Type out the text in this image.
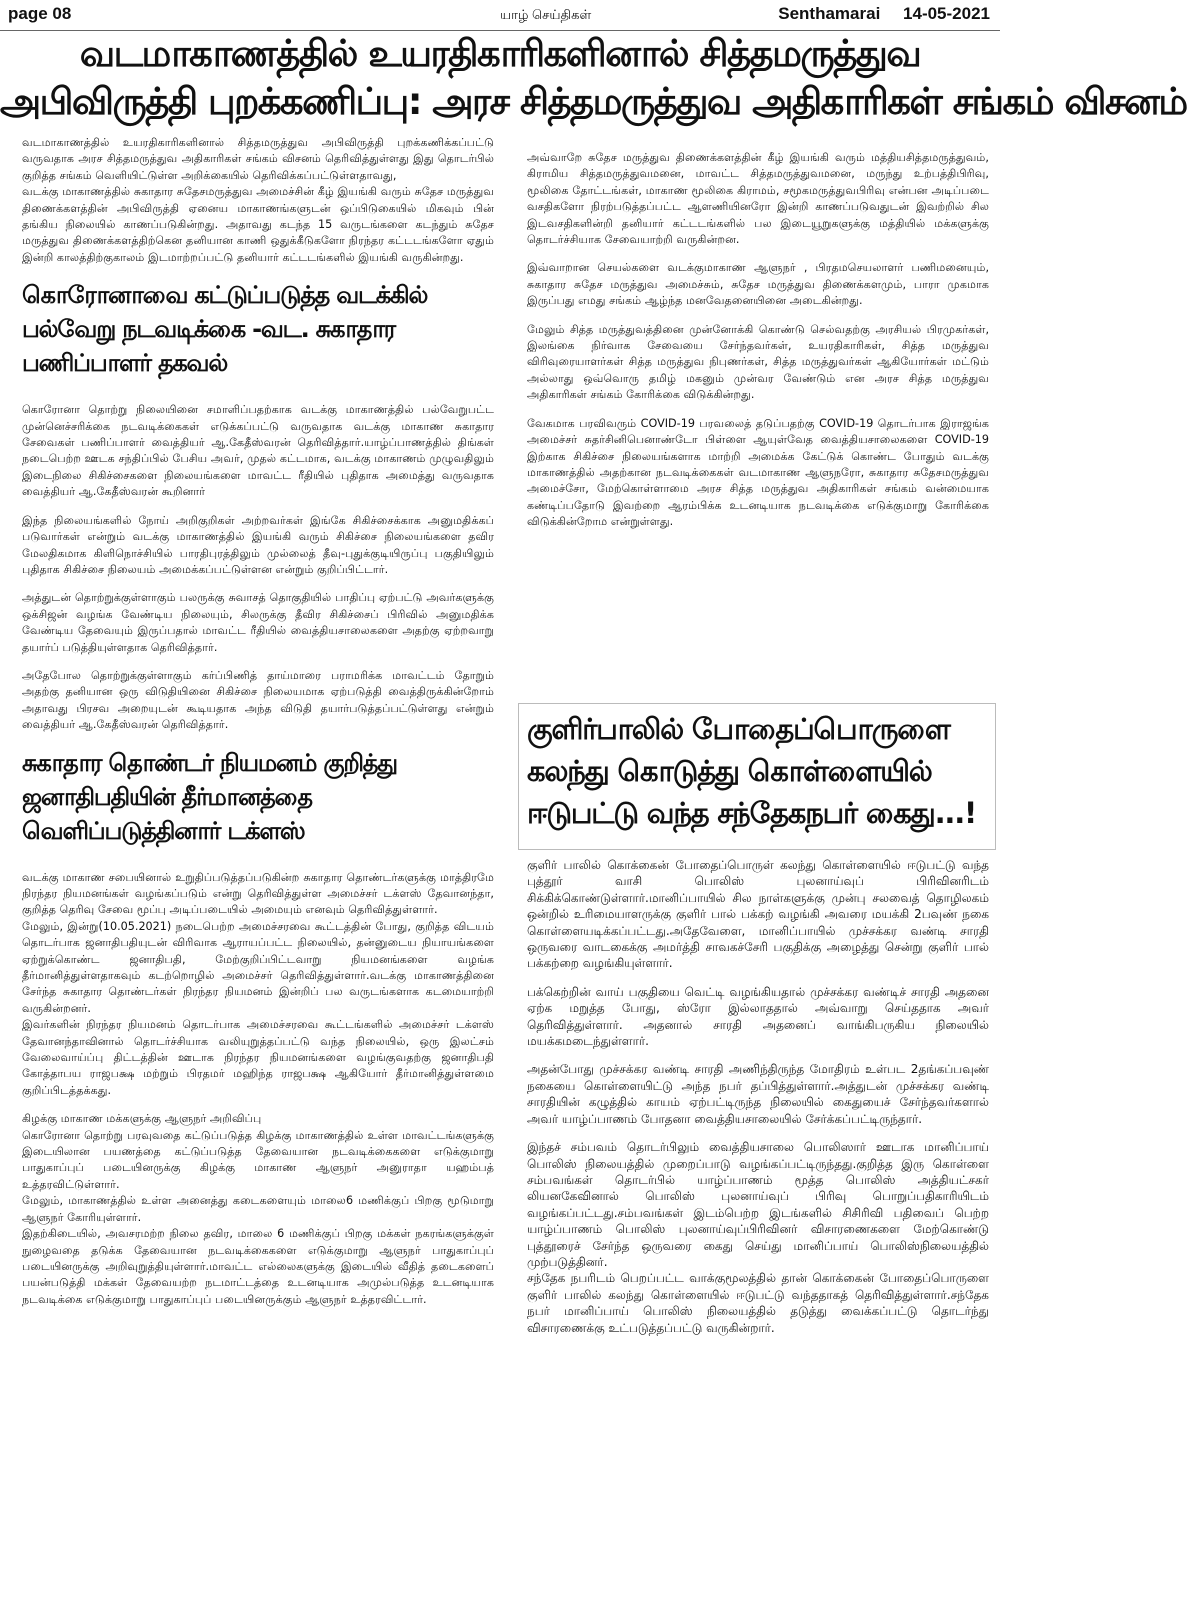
page 08	யாழ் செய்திகள்	Senthamarai 14-05-2021
வடமாகாணத்தில் உயரதிகாரிகளினால் சித்தமருத்துவ
அபிவிருத்தி புறக்கணிப்பு: அரச சித்தமருத்துவ அதிகாரிகள் சங்கம் விசனம்

வடமாகாணத்தில் உயரதிகாரிகளினால் சித்தமருத்துவ அபிவிருத்தி புறக்கணிக்கப்பட்டு வருவதாக அரச சித்தமருத்துவ அதிகாரிகள் சங்கம் விசனம் தெரிவித்துள்ளது இது தொடர்பில் குறித்த சங்கம் வெளியிட்டுள்ள அறிக்கையில் தெரிவிக்கப்பட்டுள்ளதாவது,

வடக்கு மாகாணத்தில் சுகாதார சுதேசமருத்துவ அமைச்சின் கீழ் இயங்கி வரும் சுதேச மருத்துவ திணைக்களத்தின் அபிவிருத்தி ஏனைய மாகாணங்களுடன் ஒப்பிடுகையில் மிகவும் பின் தங்கிய நிலையில் காணப்படுகின்றது. அதாவது கடந்த 15 வருடங்களை கடந்தும் சுதேச மருத்துவ திணைக்களத்திற்கென தனியான காணி ஒதுக்கீடுகளோ நிரந்தர கட்டடங்களோ ஏதும் இன்றி காலத்திற்குகாலம் இடமாற்றப்பட்டு தனியார் கட்டடங்களில் இயங்கி வருகின்றது.

கொரோனாவை கட்டுப்படுத்த வடக்கில் பல்வேறு நடவடிக்கை -வட. சுகாதார பணிப்பாளர் தகவல்

கொரோனா தொற்று நிலையினை சமாளிப்பதற்காக வடக்கு மாகாணத்தில் பல்வேறுபட்ட முன்னெச்சரிக்கை நடவடிக்கைகள் எடுக்கப்பட்டு வருவதாக வடக்கு மாகாண சுகாதார சேவைகள் பணிப்பாளர் வைத்தியர் ஆ.கேதீஸ்வரன் தெரிவித்தார்.யாழ்ப்பாணத்தில் திங்கள் நடைபெற்ற ஊடக சந்திப்பில் பேசிய அவர், முதல் கட்டமாக, வடக்கு மாகாணம் முழுவதிலும் இடைநிலை சிகிச்சைகளை நிலையங்களை மாவட்ட ரீதியில் புதிதாக அமைத்து வருவதாக வைத்தியர் ஆ.கேதீஸ்வரன் கூறினார்

இந்த நிலையங்களில் நோய் அறிகுறிகள் அற்றவர்கள் இங்கே சிகிச்சைக்காக அனுமதிக்கப் படுவார்கள் என்றும் வடக்கு மாகாணத்தில் இயங்கி வரும் சிகிச்சை நிலையங்களை தவிர மேலதிகமாக கிளிநொச்சியில் பாரதிபுரத்திலும் முல்லைத் தீவு-புதுக்குடியிருப்பு பகுதியிலும் புதிதாக சிகிச்சை நிலையம் அமைக்கப்பட்டுள்ளன என்றும் குறிப்பிட்டார்.

அத்துடன் தொற்றுக்குள்ளாகும் பலருக்கு சுவாசத் தொகுதியில் பாதிப்பு ஏற்பட்டு அவர்களுக்கு ஒக்சிஜன் வழங்க வேண்டிய நிலையும், சிலருக்கு தீவிர சிகிச்சைப் பிரிவில் அனுமதிக்க வேண்டிய தேவையும் இருப்பதால் மாவட்ட ரீதியில் வைத்தியசாலைகளை அதற்கு ஏற்றவாறு தயார்ப் படுத்தியுள்ளதாக தெரிவித்தார்.

அதேபோல தொற்றுக்குள்ளாகும் கர்ப்பிணித் தாய்மாரை பராமரிக்க மாவட்டம் தோறும் அதற்கு தனியான ஒரு விடுதியினை சிகிச்சை நிலையமாக ஏற்படுத்தி வைத்திருக்கின்றோம் அதாவது பிரசவ அறையுடன் கூடியதாக அந்த விடுதி தயார்படுத்தப்பட்டுள்ளது என்றும் வைத்தியர் ஆ.கேதீஸ்வரன் தெரிவித்தார்.

சுகாதார தொண்டர் நியமனம் குறித்து ஜனாதிபதியின் தீர்மானத்தை வெளிப்படுத்தினார் டக்ளஸ்

வடக்கு மாகாண சபையினால் உறுதிப்படுத்தப்படுகின்ற சுகாதார தொண்டர்களுக்கு மாத்திரமே நிரந்தர நியமனங்கள் வழங்கப்படும் என்று தெரிவித்துள்ள அமைச்சர் டக்ளஸ் தேவானந்தா, குறித்த தெரிவு சேவை மூப்பு அடிப்படையில் அமையும் எனவும் தெரிவித்துள்ளார்.

மேலும், இன்று(10.05.2021) நடைபெற்ற அமைச்சரவை கூட்டத்தின் போது, குறித்த விடயம் தொடர்பாக ஜனாதிபதியுடன் விரிவாக ஆராயப்பட்ட நிலையில், தன்னுடைய நியாயங்களை ஏற்றுக்கொண்ட ஜனாதிபதி, மேற்குறிப்பிட்டவாறு நியமனங்களை வழங்க தீர்மானித்துள்ளதாகவும் கடற்றொழில் அமைச்சர் தெரிவித்துள்ளார்.வடக்கு மாகாணத்தினை சேர்ந்த சுகாதார தொண்டர்கள் நிரந்தர நியமனம் இன்றிப் பல வருடங்களாக கடமையாற்றி வருகின்றனர்.

இவர்களின் நிரந்தர நியமனம் தொடர்பாக அமைச்சரவை கூட்டங்களில் அமைச்சர் டக்ளஸ் தேவானந்தாவினால் தொடர்ச்சியாக வலியுறுத்தப்பட்டு வந்த நிலையில், ஒரு இலட்சம் வேலைவாய்ப்பு திட்டத்தின் ஊடாக நிரந்தர நியமனங்களை வழங்குவதற்கு ஜனாதிபதி கோத்தாபய ராஜபக்ஷ மற்றும் பிரதமர் மஹிந்த ராஜபக்ஷ ஆகியோர் தீர்மானித்துள்ளமை குறிப்பிடத்தக்கது.

கிழக்கு மாகாண மக்களுக்கு ஆளுநர் அறிவிப்பு

கொரோனா தொற்று பரவுவதை கட்டுப்படுத்த கிழக்கு மாகாணத்தில் உள்ள மாவட்டங்களுக்கு இடையிலான பயணத்தை கட்டுப்படுத்த தேவையான நடவடிக்கைகளை எடுக்குமாறு பாதுகாப்புப் படையினருக்கு கிழக்கு மாகாண ஆளுநர் அனுராதா யஹம்பத் உத்தரவிட்டுள்ளார்.

மேலும், மாகாணத்தில் உள்ள அனைத்து கடைகளையும் மாலை6 மணிக்குப் பிறகு மூடுமாறு ஆளுநர் கோரியுள்ளார்.

இதற்கிடையில், அவசரமற்ற நிலை தவிர, மாலை 6 மணிக்குப் பிறகு மக்கள் நகரங்களுக்குள் நுழைவதை தடுக்க தேவையான நடவடிக்கைகளை எடுக்குமாறு ஆளுநர் பாதுகாப்புப் படையினருக்கு அறிவுறுத்தியுள்ளார்.மாவட்ட எல்லைகளுக்கு இடையில் வீதித் தடைகளைப் பயன்படுத்தி மக்கள் தேவையற்ற நடமாட்டத்தை உடனடியாக அமுல்படுத்த உடனடியாக நடவடிக்கை எடுக்குமாறு பாதுகாப்புப் படையினருக்கும் ஆளுநர் உத்தரவிட்டார்.

அவ்வாறே சுதேச மருத்துவ திணைக்களத்தின் கீழ் இயங்கி வரும் மத்தியசித்தமருத்துவம், கிராமிய சித்தமருத்துவமனை, மாவட்ட சித்தமருத்துவமனை, மருந்து உற்பத்திபிரிவு, மூலிகை தோட்டங்கள், மாகாண மூலிகை கிராமம், சமூகமருத்துவபிரிவு என்பன அடிப்படை வசதிகளோ நிரற்படுத்தப்பட்ட ஆளணியினரோ இன்றி காணப்படுவதுடன் இவற்றில் சில இடவசதிகளின்றி தனியார் கட்டடங்களில் பல இடையூறுகளுக்கு மத்தியில் மக்களுக்கு தொடர்ச்சியாக சேவையாற்றி வருகின்றன.

இவ்வாறான செயல்களை வடக்குமாகாண ஆளுநர் , பிரதமசெயலாளர் பணிமனையும், சுகாதார சுதேச மருத்துவ அமைச்சும், சுதேச மருத்துவ திணைக்களமும், பாரா முகமாக இருப்பது எமது சங்கம் ஆழ்ந்த மனவேதனையினை அடைகின்றது.

மேலும் சித்த மருத்துவத்தினை முன்னோக்கி கொண்டு செல்வதற்கு அரசியல் பிரமுகர்கள், இலங்கை நிர்வாக சேவையை சேர்ந்தவர்கள், உயரதிகாரிகள், சித்த மருத்துவ விரிவுரையாளர்கள் சித்த மருத்துவ நிபுணர்கள், சித்த மருத்துவர்கள் ஆகியோர்கள் மட்டும் அல்லாது ஒவ்வொரு தமிழ் மகனும் முன்வர வேண்டும் என அரச சித்த மருத்துவ அதிகாரிகள் சங்கம் கோரிக்கை விடுக்கின்றது.

வேகமாக பரவிவரும் COVID-19 பரவலைத் தடுப்பதற்கு COVID-19 தொடர்பாக இராஜங்க அமைச்சர் சுதர்சினிபெனாண்டோ பிள்ளை ஆயுள்வேத வைத்தியசாலைகளை COVID-19 இற்காக சிகிச்சை நிலையங்களாக மாற்றி அமைக்க கேட்டுக் கொண்ட போதும் வடக்கு மாகாணத்தில் அதற்கான நடவடிக்கைகள் வடமாகாண ஆளுநரோ, சுகாதார சுதேசமருத்துவ அமைச்சோ, மேற்கொள்ளாமை அரச சித்த மருத்துவ அதிகாரிகள் சங்கம் வன்மையாக கண்டிப்பதோடு இவற்றை ஆரம்பிக்க உடனடியாக நடவடிக்கை எடுக்குமாறு கோரிக்கை விடுக்கின்றோம என்றுள்ளது.

குளிர்பாலில் போதைப்பொருளை கலந்து கொடுத்து கொள்ளையில் ஈடுபட்டு வந்த சந்தேகநபர் கைது...!

குளிர் பாலில் கொக்கைன் போதைப்பொருள் கலந்து கொள்ளையில் ஈடுபட்டு வந்த புத்தூர் வாசி பொலிஸ் புலனாய்வுப் பிரிவினரிடம் சிக்கிக்கொண்டுள்ளார்.மானிப்பாயில் சில நாள்களுக்கு முன்பு சலவைத் தொழிலகம் ஒன்றில் உரிமையாளருக்கு குளிர் பால் பக்கற் வழங்கி அவரை மயக்கி 2பவுண் நகை கொள்ளையடிக்கப்பட்டது.அதேவேளை, மானிப்பாயில் முச்சக்கர வண்டி சாரதி ஒருவரை வாடகைக்கு அமர்த்தி சாவகச்சேரி பகுதிக்கு அழைத்து சென்று குளிர் பால் பக்கற்றை வழங்கியுள்ளார்.

பக்கெற்றின் வாய் பகுதியை வெட்டி வழங்கியதால் முச்சக்கர வண்டிச் சாரதி அதனை ஏற்க மறுத்த போது, ஸ்ரோ இல்லாததால் அவ்வாறு செய்ததாக அவர் தெரிவித்துள்ளார். அதனால் சாரதி அதனைப் வாங்கிபருகிய நிலையில் மயக்கமடைந்துள்ளார்.

அதன்போது முச்சக்கர வண்டி சாரதி அணிந்திருந்த மோதிரம் உள்பட 2தங்கப்பவுண் நகையை கொள்ளையிட்டு அந்த நபர் தப்பித்துள்ளார்.அத்துடன் முச்சக்கர வண்டி சாரதியின் கழுத்தில் காயம் ஏற்பட்டிருந்த நிலையில் கைதுயைச் சேர்ந்தவர்களால் அவர் யாழ்ப்பாணம் போதனா வைத்தியசாலையில் சேர்க்கப்பட்டிருந்தார்.

இந்தச் சம்பவம் தொடர்பிலும் வைத்தியசாலை பொலிஸார் ஊடாக மானிப்பாய் பொலிஸ் நிலையத்தில் முறைப்பாடு வழங்கப்பட்டிருந்தது.குறித்த இரு கொள்ளை சம்பவங்கள் தொடர்பில் யாழ்ப்பாணம் மூத்த பொலிஸ் அத்தியட்சகர் லியனகேவினால் பொலிஸ் புலனாய்வுப் பிரிவு பொறுப்பதிகாரியிடம் வழங்கப்பட்டது.சம்பவங்கள் இடம்பெற்ற இடங்களில் சிசிரிவி பதிவைப் பெற்ற யாழ்ப்பாணம் பொலிஸ் புலனாய்வுப்பிரிவினர் விசாரணைகளை மேற்கொண்டு புத்தூரைச் சேர்ந்த ஒருவரை கைது செய்து மானிப்பாய் பொலிஸ்நிலையத்தில் முற்படுத்தினர்.

சந்தேக நபரிடம் பெறப்பட்ட வாக்குமூலத்தில் தான் கொக்கைன் போதைப்பொருளை குளிர் பாலில் கலந்து கொள்ளையில் ஈடுபட்டு வந்ததாகத் தெரிவித்துள்ளார்.சந்தேக நபர் மானிப்பாய் பொலிஸ் நிலையத்தில் தடுத்து வைக்கப்பட்டு தொடர்ந்து விசாரணைக்கு உட்படுத்தப்பட்டு வருகின்றார்.
